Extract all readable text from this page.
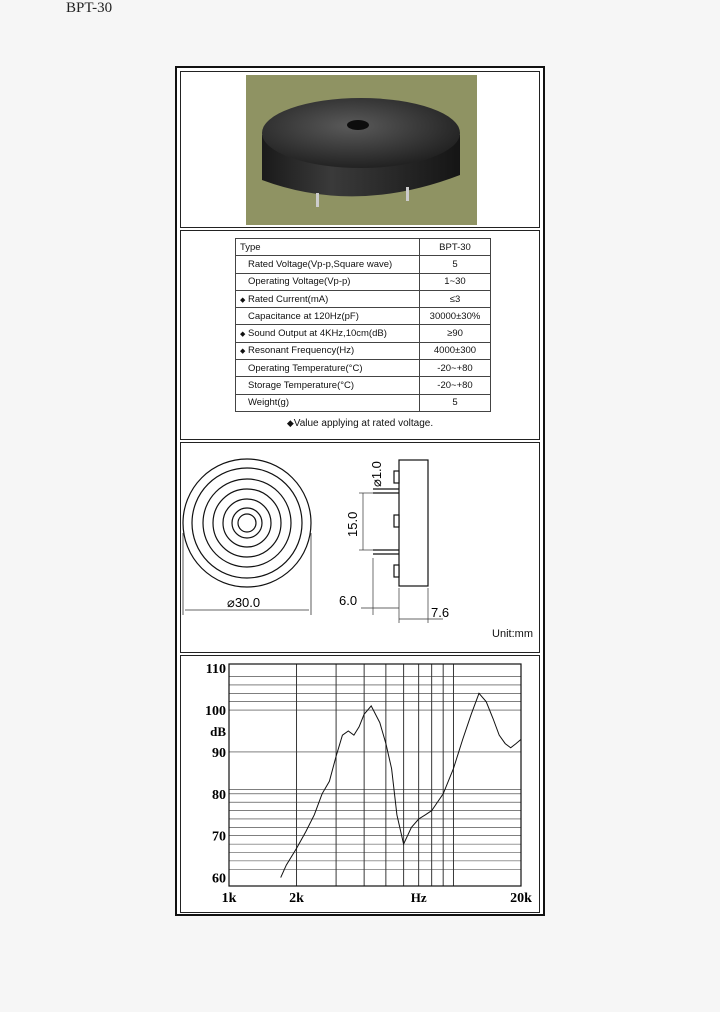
BPT-30
Type	BPT-30
Rated Voltage(Vp-p,Square wave)	5
Operating Voltage(Vp-p)	1~30
◆ Rated Current(mA)	≤3
Capacitance at 120Hz(pF)	30000±30%
◆ Sound Output at 4KHz,10cm(dB)	≥90
◆ Resonant Frequency(Hz)	4000±300
Operating Temperature(°C)	-20~+80
Storage Temperature(°C)	-20~+80
Weight(g)	5
◆Value applying at rated voltage.
⌀30.0
⌀1.0
15.0
6.0
7.6
Unit:mm
110
100
90
80
70
60
1k	2k	20k
dB
Hz
